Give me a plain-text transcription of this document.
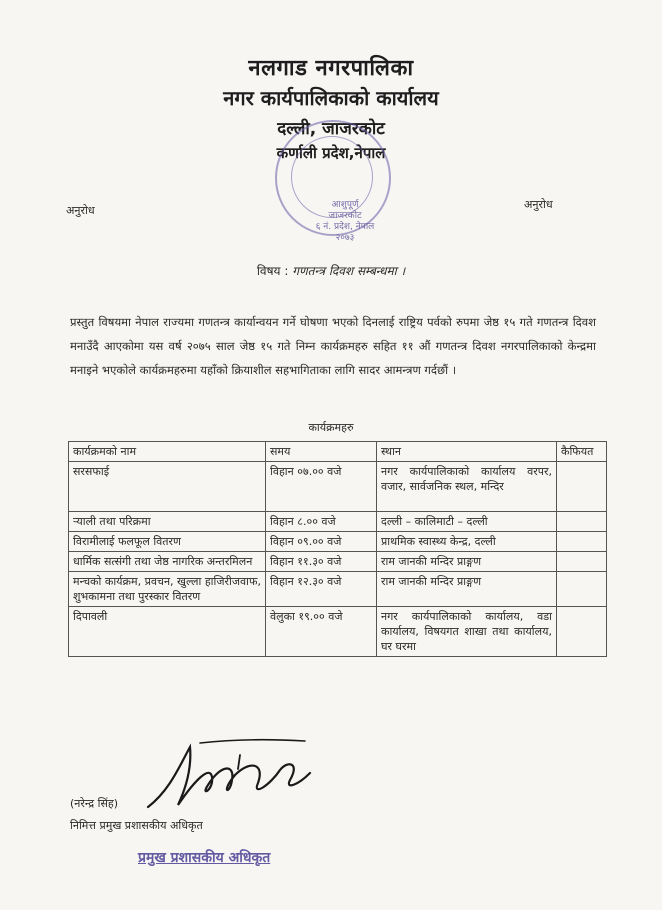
नलगाड नगरपालिका
नगर कार्यपालिकाको कार्यालय
दल्ली, जाजरकोट
कर्णाली प्रदेश,नेपाल
आशुपूर्ण
जाजरकोट
६ नं. प्रदेश, नेपाल
२०७३
अनुरोध	अनुरोध
विषय : गणतन्त्र दिवश सम्बन्धमा ।
प्रस्तुत विषयमा नेपाल राज्यमा गणतन्त्र कार्यान्वयन गर्ने घोषणा भएको दिनलाई राष्ट्रिय पर्वको रुपमा जेष्ठ १५ गते गणतन्त्र दिवश मनाउँदै आएकोमा यस वर्ष २०७५ साल जेष्ठ १५ गते निम्न कार्यक्रमहरु सहित ११ औं गणतन्त्र दिवश नगरपालिकाको केन्द्रमा मनाइने भएकोले कार्यक्रमहरुमा यहाँको क्रियाशील सहभागिताका लागि सादर आमन्त्रण गर्दछौं ।
कार्यक्रमहरु
कार्यक्रमको नाम	समय	स्थान	कैफियत
सरसफाई	विहान ०७.०० वजे	नगर कार्यपालिकाको कार्यालय वरपर, वजार, सार्वजनिक स्थल, मन्दिर	
र्‍याली तथा परिक्रमा	विहान ८.०० वजे	दल्ली – कालिमाटी – दल्ली	
विरामीलाई फलफूल वितरण	विहान ०९.०० वजे	प्राथमिक स्वास्थ्य केन्द्र, दल्ली	
धार्मिक सत्संगी तथा जेष्ठ नागरिक अन्तरमिलन	विहान ११.३० वजे	राम जानकी मन्दिर प्राङ्गण	
मन्चको कार्यक्रम, प्रवचन, खुल्ला हाजिरीजवाफ, शुभकामना तथा पुरस्कार वितरण	विहान १२.३० वजे	राम जानकी मन्दिर प्राङ्गण	
दिपावली	वेलुका १९.०० वजे	नगर कार्यपालिकाको कार्यालय, वडा कार्यालय, विषयगत शाखा तथा कार्यालय, घर घरमा	
(नरेन्द्र सिंह)
निमित्त प्रमुख प्रशासकीय अधिकृत
प्रमुख प्रशासकीय अधिकृत
